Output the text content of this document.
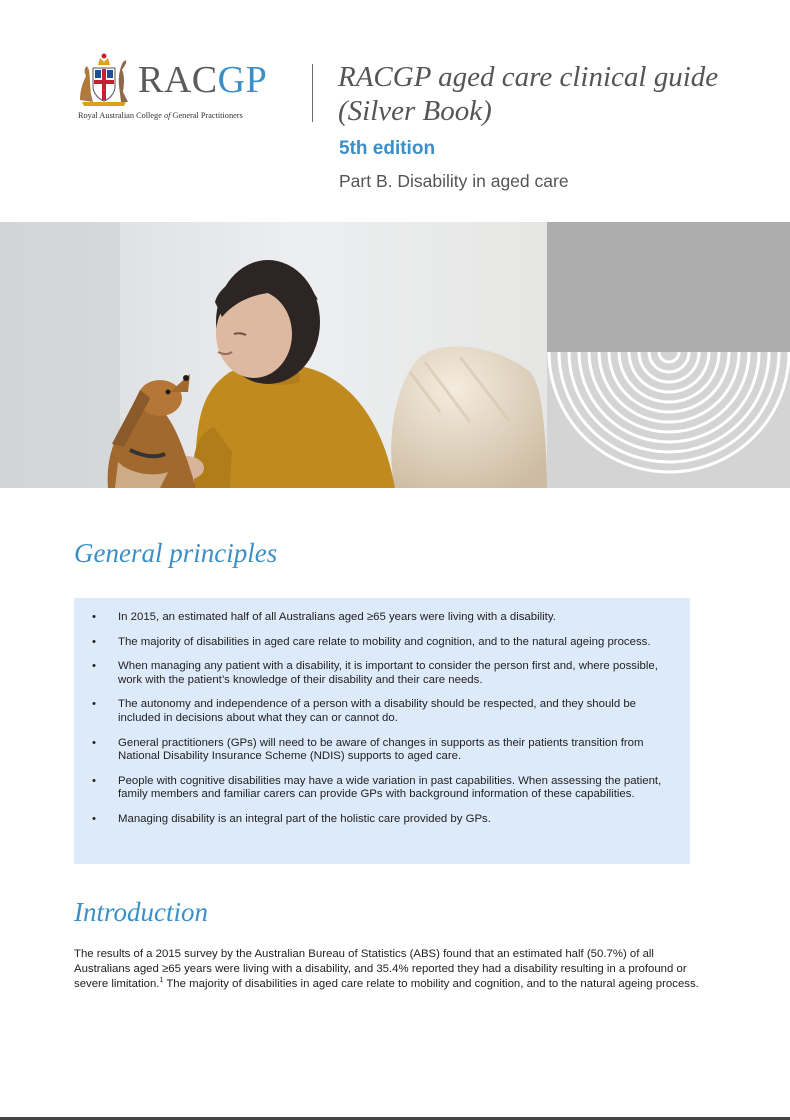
RACGP
Royal Australian College of General Practitioners
RACGP aged care clinical guide (Silver Book)
5th edition
Part B. Disability in aged care
General principles
• In 2015, an estimated half of all Australians aged ≥65 years were living with a disability.
• The majority of disabilities in aged care relate to mobility and cognition, and to the natural ageing process.
• When managing any patient with a disability, it is important to consider the person first and, where possible, work with the patient’s knowledge of their disability and their care needs.
• The autonomy and independence of a person with a disability should be respected, and they should be included in decisions about what they can or cannot do.
• General practitioners (GPs) will need to be aware of changes in supports as their patients transition from National Disability Insurance Scheme (NDIS) supports to aged care.
• People with cognitive disabilities may have a wide variation in past capabilities. When assessing the patient, family members and familiar carers can provide GPs with background information of these capabilities.
• Managing disability is an integral part of the holistic care provided by GPs.
Introduction

The results of a 2015 survey by the Australian Bureau of Statistics (ABS) found that an estimated half (50.7%) of all Australians aged ≥65 years were living with a disability, and 35.4% reported they had a disability resulting in a profound or severe limitation.$^1$ The majority of disabilities in aged care relate to mobility and cognition, and to the natural ageing process.
